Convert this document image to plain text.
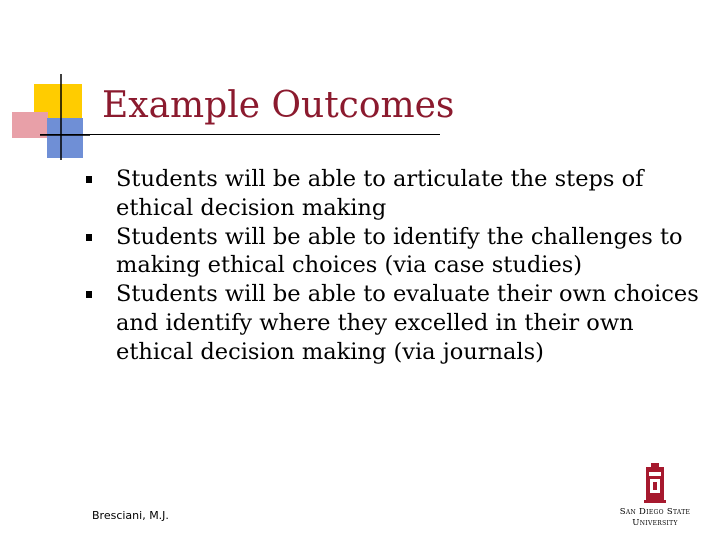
Example Outcomes
Students will be able to articulate the steps of ethical decision making
Students will be able to identify the challenges to making ethical choices (via case studies)
Students will be able to evaluate their own choices and identify where they excelled in their own ethical decision making (via journals)
Bresciani, M.J.	San Diego State
University
